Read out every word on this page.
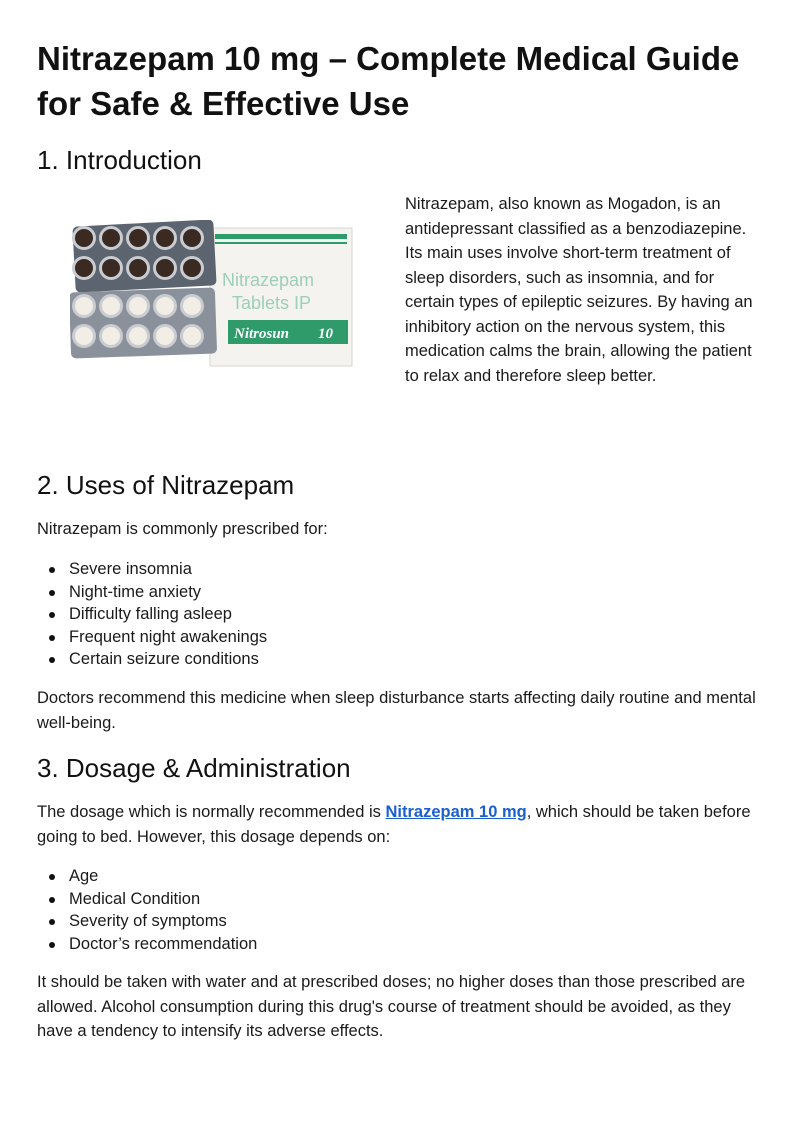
Nitrazepam 10 mg – Complete Medical Guide for Safe & Effective Use
1. Introduction
Nitrazepam
Tablets IP
Nitrosun 10

Nitrazepam, also known as Mogadon, is an antidepressant classified as a benzodiazepine. Its main uses involve short-term treatment of sleep disorders, such as insomnia, and for certain types of epileptic seizures. By having an inhibitory action on the nervous system, this medication calms the brain, allowing the patient to relax and therefore sleep better.

2. Uses of Nitrazepam

Nitrazepam is commonly prescribed for:

Severe insomnia
Night-time anxiety
Difficulty falling asleep
Frequent night awakenings
Certain seizure conditions

Doctors recommend this medicine when sleep disturbance starts affecting daily routine and mental well-being.

3. Dosage & Administration

The dosage which is normally recommended is Nitrazepam 10 mg, which should be taken before going to bed. However, this dosage depends on:

Age
Medical Condition
Severity of symptoms
Doctor’s recommendation

It should be taken with water and at prescribed doses; no higher doses than those prescribed are allowed. Alcohol consumption during this drug's course of treatment should be avoided, as they have a tendency to intensify its adverse effects.
